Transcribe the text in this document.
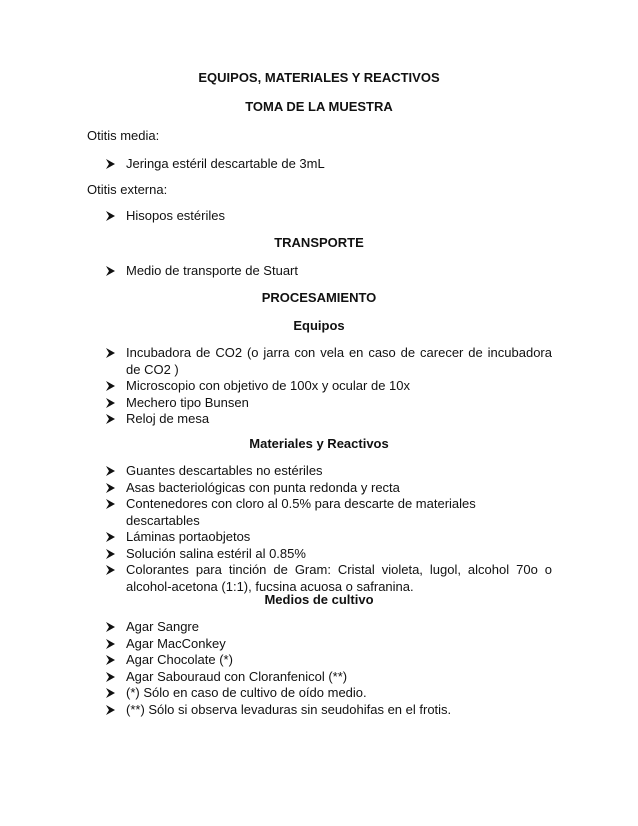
EQUIPOS, MATERIALES Y REACTIVOS
TOMA DE LA MUESTRA
Otitis media:
Jeringa estéril descartable de 3mL
Otitis externa:
Hisopos estériles
TRANSPORTE
Medio de transporte de Stuart
PROCESAMIENTO
Equipos
Incubadora de CO2 (o jarra con vela en caso de carecer de incubadora de CO2 )
Microscopio con objetivo de 100x y ocular de 10x
Mechero tipo Bunsen
Reloj de mesa
Materiales y Reactivos
Guantes descartables no estériles
Asas bacteriológicas con punta redonda y recta
Contenedores con cloro al 0.5% para descarte de materiales descartables
Láminas portaobjetos
Solución salina estéril al 0.85%
Colorantes para tinción de Gram: Cristal violeta, lugol, alcohol 70o o alcohol-acetona (1:1), fucsina acuosa o safranina.
Medios de cultivo
Agar Sangre
Agar MacConkey
Agar Chocolate (*)
Agar Sabouraud con Cloranfenicol (**)
(*) Sólo en caso de cultivo de oído medio.
(**) Sólo si observa levaduras sin seudohifas en el frotis.
